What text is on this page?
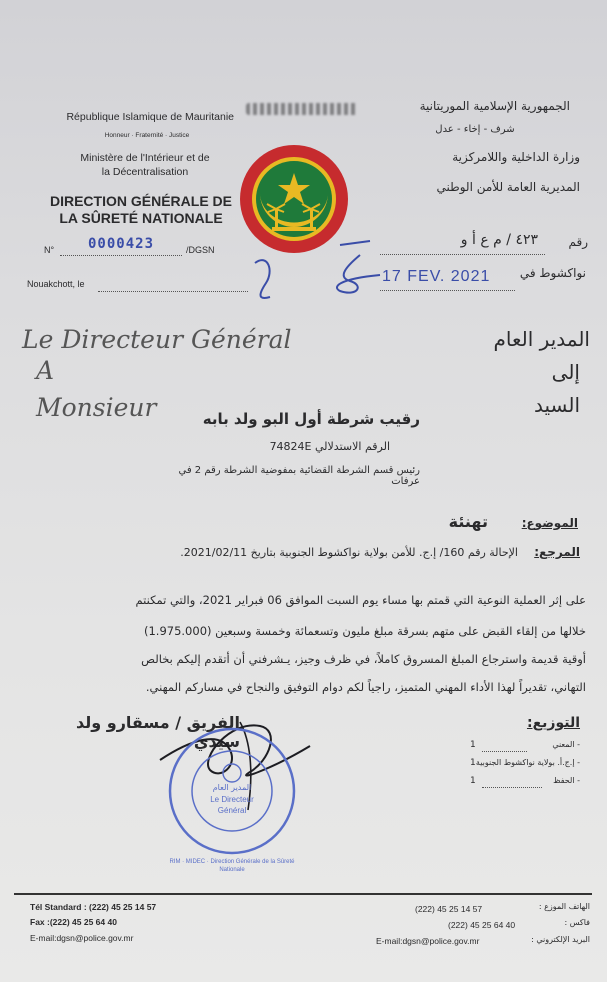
République Islamique de Mauritanie
Honneur · Fraternité · Justice
Ministère de l'Intérieur et de
la Décentralisation
DIRECTION GÉNÉRALE DE
LA SÛRETÉ NATIONALE
N° 0000423	/DGSN
Nouakchott, le
الجمهورية الإسلامية الموريتانية
شرف - إخاء - عدل
وزارة الداخلية واللامركزية
المديرية العامة للأمن الوطني
رقم
٤٢٣ / م ع أ و
نواكشوط في
17 FEV. 2021
Le Directeur Général
A
Monsieur
المدير العام
إلى
السيد
رقيب شرطة أول البو ولد بابه
الرقم الاستدلالي 74824E
رئيس قسم الشرطة القضائية بمفوضية الشرطة رقم 2 في عرفات
الموضوع:
تهنئة
المرجع:
الإحالة رقم 160/ إ.ج. للأمن بولاية نواكشوط الجنوبية بتاريخ 2021/02/11.
على إثر العملية النوعية التي قمتم بها مساء يوم السبت الموافق 06 فبراير 2021، والتي تمكنتم
خلالها من إلقاء القبض على متهم بسرقة مبلغ مليون وتسعمائة وخمسة وسبعين (1.975.000)
أوقية قديمة واسترجاع المبلغ المسروق كاملاً، في ظرف وجيز، يـشرفني أن أتقدم إليكم بخالص
التهاني، تقديراً لهذا الأداء المهني المتميز، راجياً لكم دوام التوفيق والنجاح في مساركم المهني.
الفريق / مسقارو ولد سيدي
المدير العام
Le Directeur
Général
RIM · MIDEC · Direction Générale de la Sûreté Nationale
التوزيع:
- المعني
1
- إ.ج.أ. بولاية نواكشوط الجنوبية
1
- الحفظ
1
Tél Standard : (222) 45 25 14 57
Fax :(222) 45 25 64 40
E-mail:dgsn@police.gov.mr
الهاتف الموزع :
(222) 45 25 14 57
فاكس :
(222) 45 25 64 40
البريد الإلكتروني :
E-mail:dgsn@police.gov.mr
